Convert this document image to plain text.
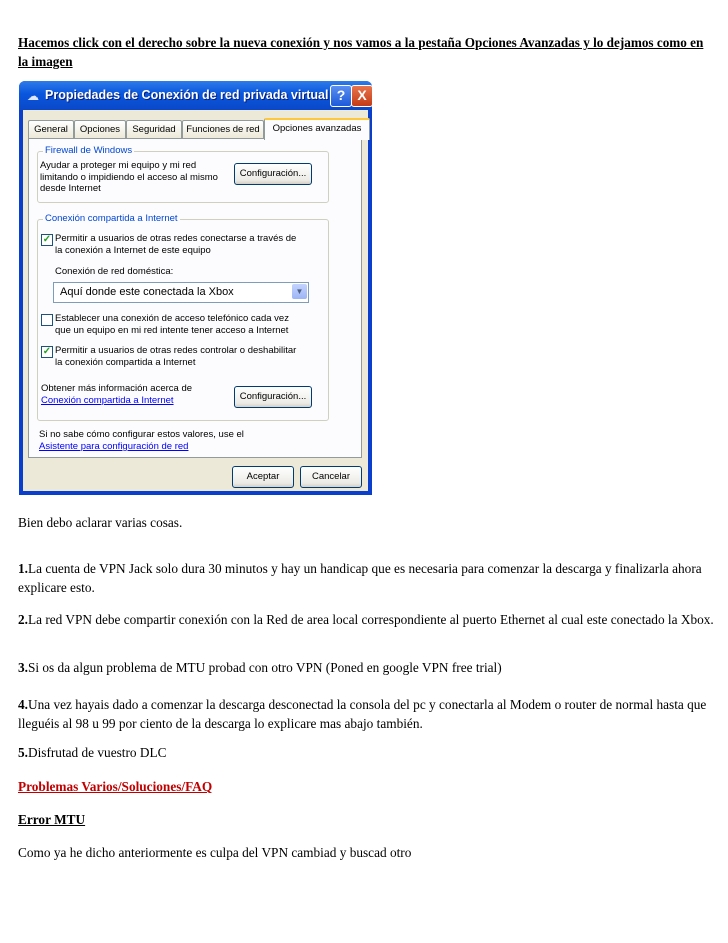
Hacemos click con el derecho sobre la nueva conexión y nos vamos a la pestaña Opciones Avanzadas y lo dejamos como en la imagen
☁ Propiedades de Conexión de red privada virtual ? X
General	Opciones	Seguridad	Funciones de red	Opciones avanzadas
Firewall de Windows
Ayudar a proteger mi equipo y mi red limitando o impidiendo el acceso al mismo desde Internet
Configuración...
Conexión compartida a Internet
✓ Permitir a usuarios de otras redes conectarse a través de la conexión a Internet de este equipo
Conexión de red doméstica:
Aquí donde este conectada la Xbox	▼
Establecer una conexión de acceso telefónico cada vez que un equipo en mi red intente tener acceso a Internet
✓ Permitir a usuarios de otras redes controlar o deshabilitar la conexión compartida a Internet
Obtener más información acerca de
Conexión compartida a Internet	Configuración...
Si no sabe cómo configurar estos valores, use el
Asistente para configuración de red
Aceptar	Cancelar
Bien debo aclarar varias cosas.
1.La cuenta de VPN Jack solo dura 30 minutos y hay un handicap que es necesaria para comenzar la descarga y finalizarla ahora explicare esto.
2.La red VPN debe compartir conexión con la Red de area local correspondiente al puerto Ethernet al cual este conectado la Xbox.
3.Si os da algun problema de MTU probad con otro VPN (Poned en google VPN free trial)
4.Una vez hayais dado a comenzar la descarga desconectad la consola del pc y conectarla al Modem o router de normal hasta que lleguéis al 98 u 99 por ciento de la descarga lo explicare mas abajo también.
5.Disfrutad de vuestro DLC
Problemas Varios/Soluciones/FAQ
Error MTU
Como ya he dicho anteriormente es culpa del VPN cambiad y buscad otro
